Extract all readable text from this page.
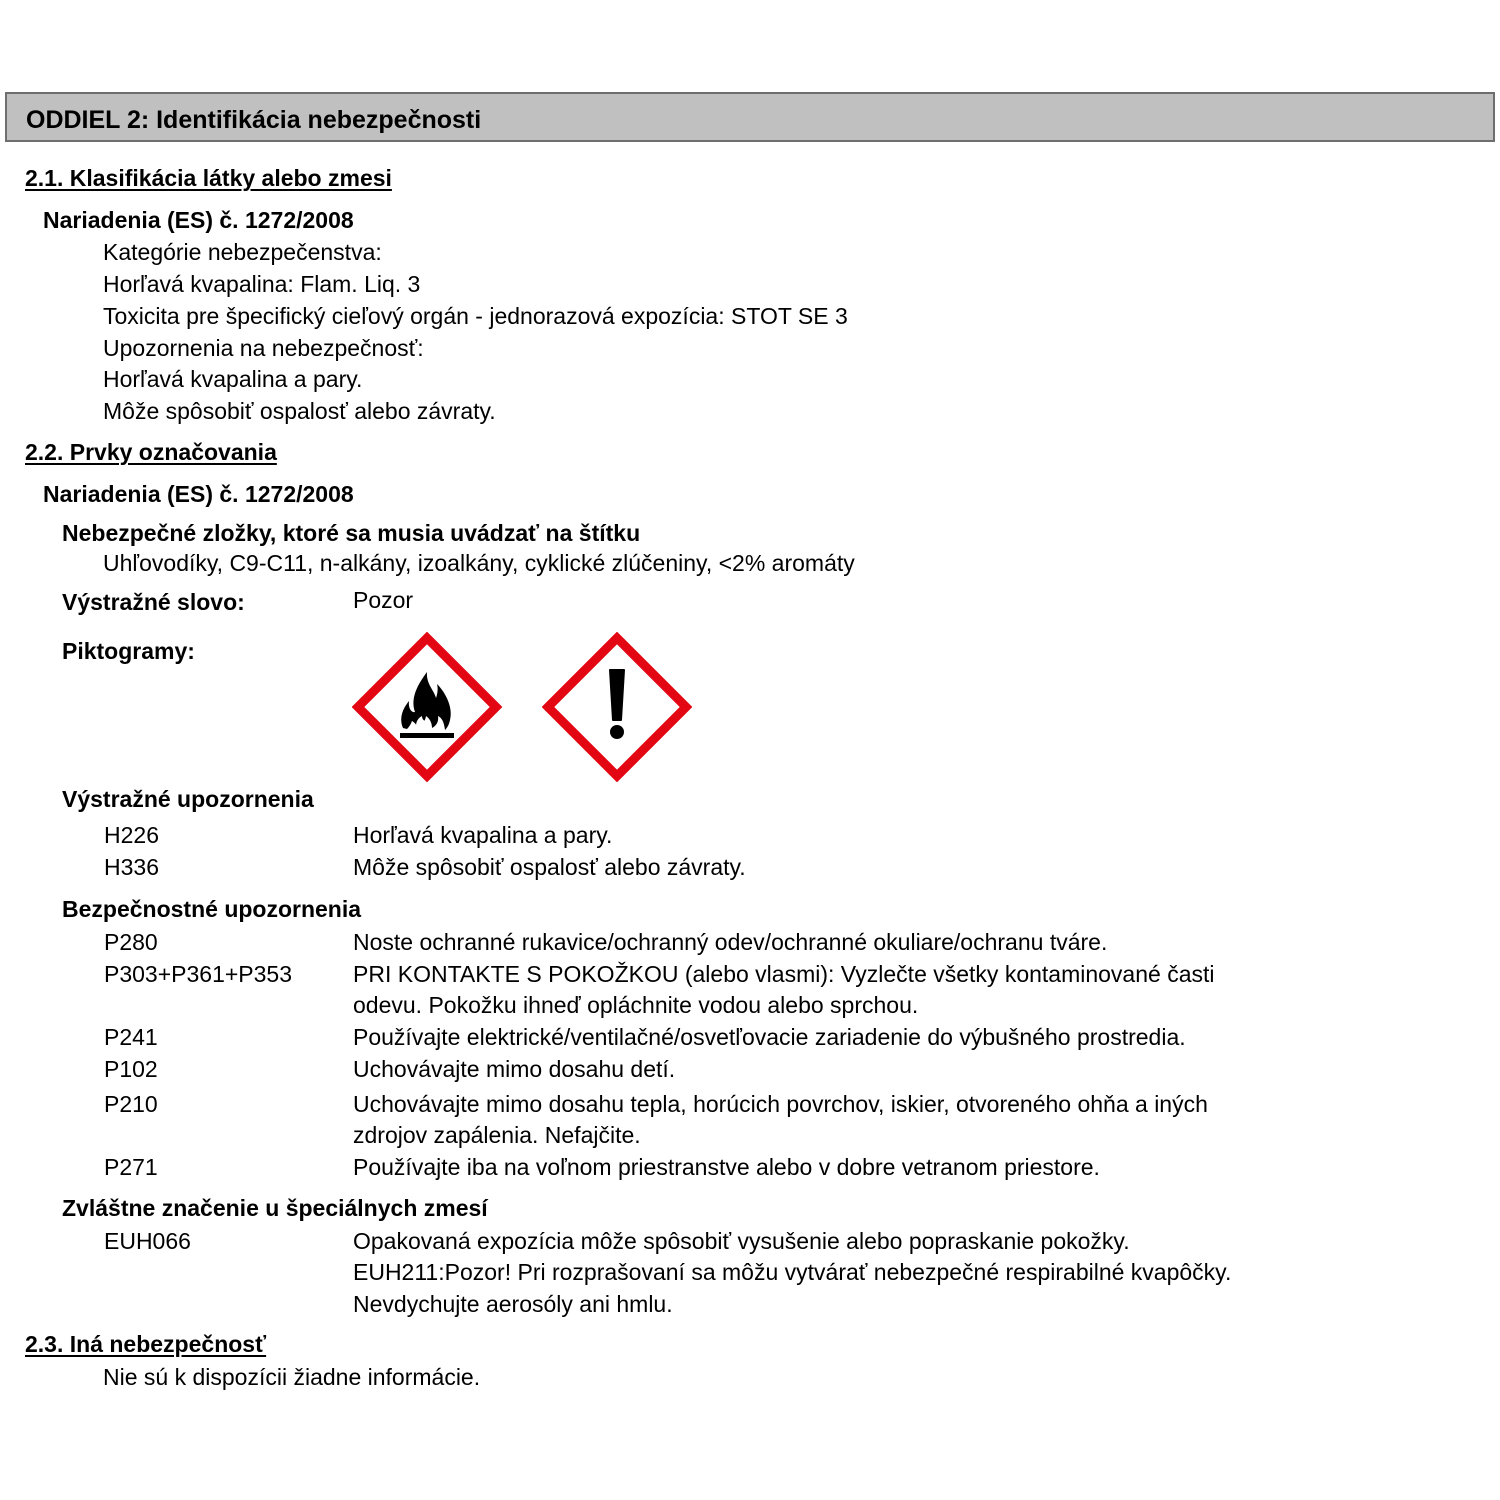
ODDIEL 2: Identifikácia nebezpečnosti
2.1. Klasifikácia látky alebo zmesi
Nariadenia (ES) č. 1272/2008
Kategórie nebezpečenstva:
Horľavá kvapalina: Flam. Liq. 3
Toxicita pre špecifický cieľový orgán - jednorazová expozícia: STOT SE 3
Upozornenia na nebezpečnosť:
Horľavá kvapalina a pary.
Môže spôsobiť ospalosť alebo závraty.
2.2. Prvky označovania
Nariadenia (ES) č. 1272/2008
Nebezpečné zložky, ktoré sa musia uvádzať na štítku
Uhľovodíky, C9-C11, n-alkány, izoalkány, cyklické zlúčeniny, <2% aromáty
Výstražné slovo:	Pozor
Piktogramy:
Výstražné upozornenia
H226	Horľavá kvapalina a pary.
H336	Môže spôsobiť ospalosť alebo závraty.
Bezpečnostné upozornenia
P280	Noste ochranné rukavice/ochranný odev/ochranné okuliare/ochranu tváre.
P303+P361+P353	PRI KONTAKTE S POKOŽKOU (alebo vlasmi): Vyzlečte všetky kontaminované časti
odevu. Pokožku ihneď opláchnite vodou alebo sprchou.
P241	Používajte elektrické/ventilačné/osvetľovacie zariadenie do výbušného prostredia.
P102	Uchovávajte mimo dosahu detí.
P210	Uchovávajte mimo dosahu tepla, horúcich povrchov, iskier, otvoreného ohňa a iných
zdrojov zapálenia. Nefajčite.
P271	Používajte iba na voľnom priestranstve alebo v dobre vetranom priestore.
Zvláštne značenie u špeciálnych zmesí
EUH066	Opakovaná expozícia môže spôsobiť vysušenie alebo popraskanie pokožky.
EUH211:Pozor! Pri rozprašovaní sa môžu vytvárať nebezpečné respirabilné kvapôčky.
Nevdychujte aerosóly ani hmlu.
2.3. Iná nebezpečnosť
Nie sú k dispozícii žiadne informácie.
